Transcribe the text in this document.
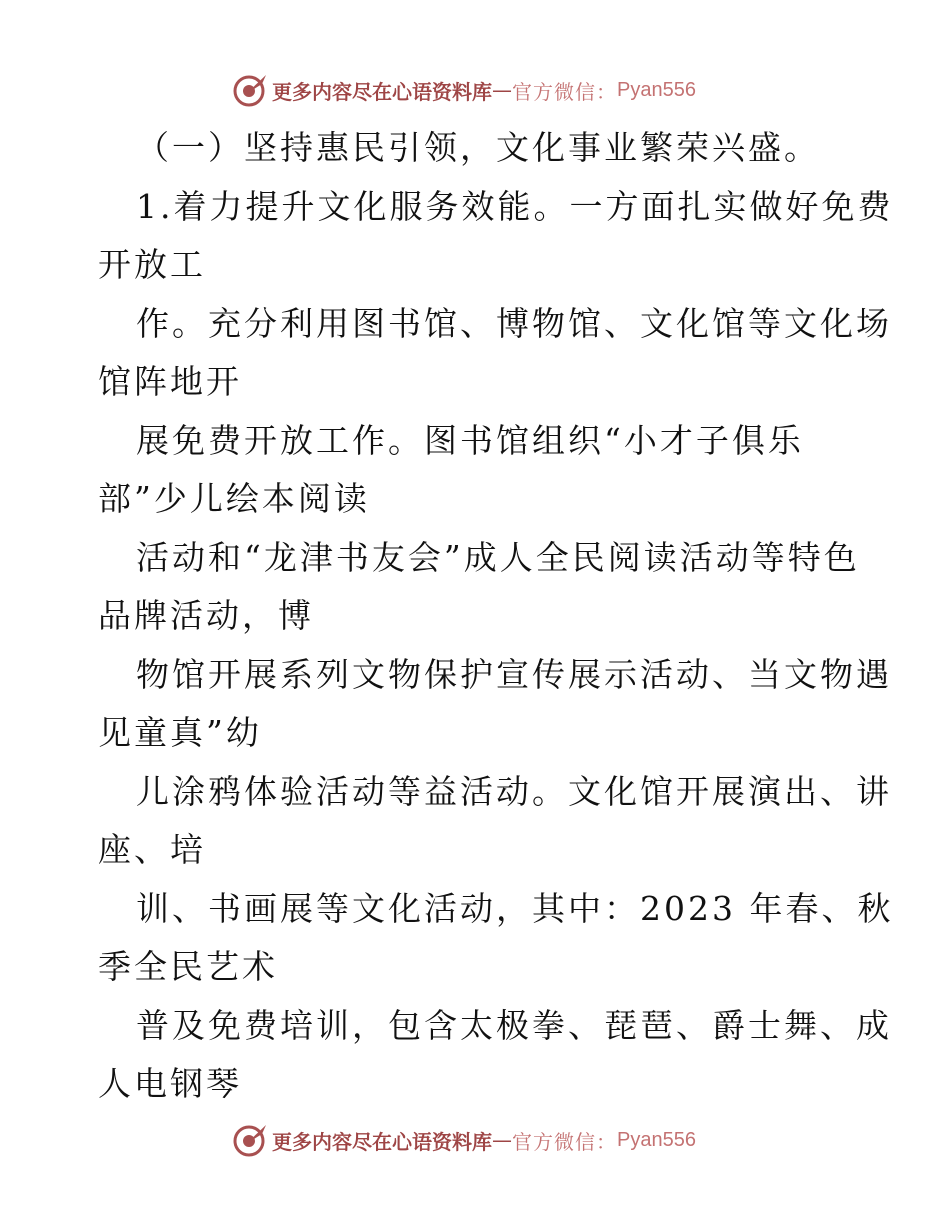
更多内容尽在心语资料库 — 官方微信： Pyan556
（一）坚持惠民引领，文化事业繁荣兴盛。
1.着力提升文化服务效能。一方面扎实做好免费
开放工
作。充分利用图书馆、博物馆、文化馆等文化场
馆阵地开
展免费开放工作。图书馆组织“小才子俱乐
部”少儿绘本阅读
活动和“龙津书友会”成人全民阅读活动等特色
品牌活动，博
物馆开展系列文物保护宣传展示活动、当文物遇
见童真”幼
儿涂鸦体验活动等益活动。文化馆开展演出、讲
座、培
训、书画展等文化活动，其中：2023 年春、秋
季全民艺术
普及免费培训，包含太极拳、琵琶、爵士舞、成
人电钢琴
更多内容尽在心语资料库 — 官方微信： Pyan556
